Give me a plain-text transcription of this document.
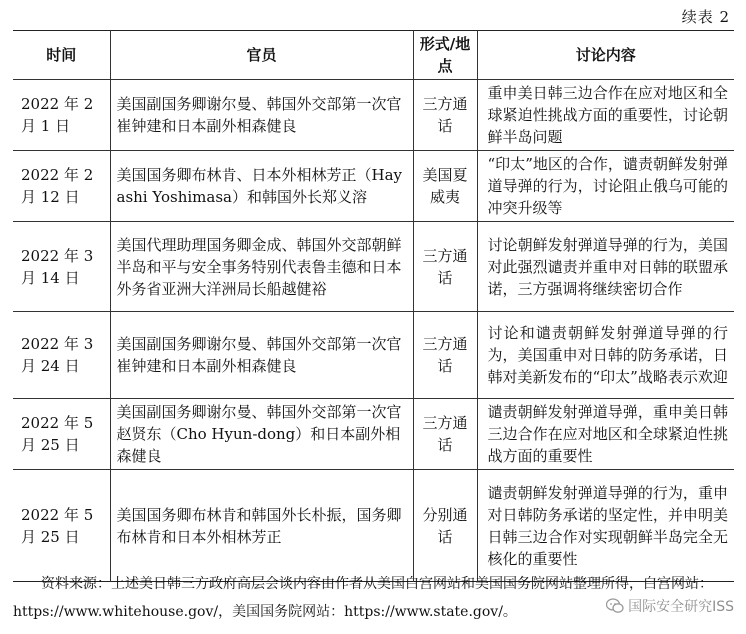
续表 2
时间	官员	形式/地点	讨论内容
2022 年 2 月 1 日	美国副国务卿谢尔曼、韩国外交部第一次官崔钟建和日本副外相森健良	三方通话	重申美日韩三边合作在应对地区和全球紧迫性挑战方面的重要性，讨论朝鲜半岛问题
2022 年 2 月 12 日	美国国务卿布林肯、日本外相林芳正（Hayashi Yoshimasa）和韩国外长郑义溶	美国夏威夷	“印太”地区的合作，谴责朝鲜发射弹道导弹的行为，讨论阻止俄乌可能的冲突升级等
2022 年 3 月 14 日	美国代理助理国务卿金成、韩国外交部朝鲜半岛和平与安全事务特别代表鲁圭德和日本外务省亚洲大洋洲局长船越健裕	三方通话	讨论朝鲜发射弹道导弹的行为，美国对此强烈谴责并重申对日韩的联盟承诺，三方强调将继续密切合作
2022 年 3 月 24 日	美国副国务卿谢尔曼、韩国外交部第一次官崔钟建和日本副外相森健良	三方通话	讨论和谴责朝鲜发射弹道导弹的行为，美国重申对日韩的防务承诺，日韩对美新发布的“印太”战略表示欢迎
2022 年 5 月 25 日	美国副国务卿谢尔曼、韩国外交部第一次官赵贤东（Cho Hyun-dong）和日本副外相森健良	三方通话	谴责朝鲜发射弹道导弹，重申美日韩三边合作在应对地区和全球紧迫性挑战方面的重要性
2022 年 5 月 25 日	美国国务卿布林肯和韩国外长朴振，国务卿布林肯和日本外相林芳正	分别通话	谴责朝鲜发射弹道导弹的行为，重申对日韩防务承诺的坚定性，并申明美日韩三边合作对实现朝鲜半岛完全无核化的重要性
资料来源：上述美日韩三方政府高层会谈内容由作者从美国白宫网站和美国国务院网站整理所得，白宫网站：https://www.whitehouse.gov/，美国国务院网站：https://www.state.gov/。	国际安全研究ISS
